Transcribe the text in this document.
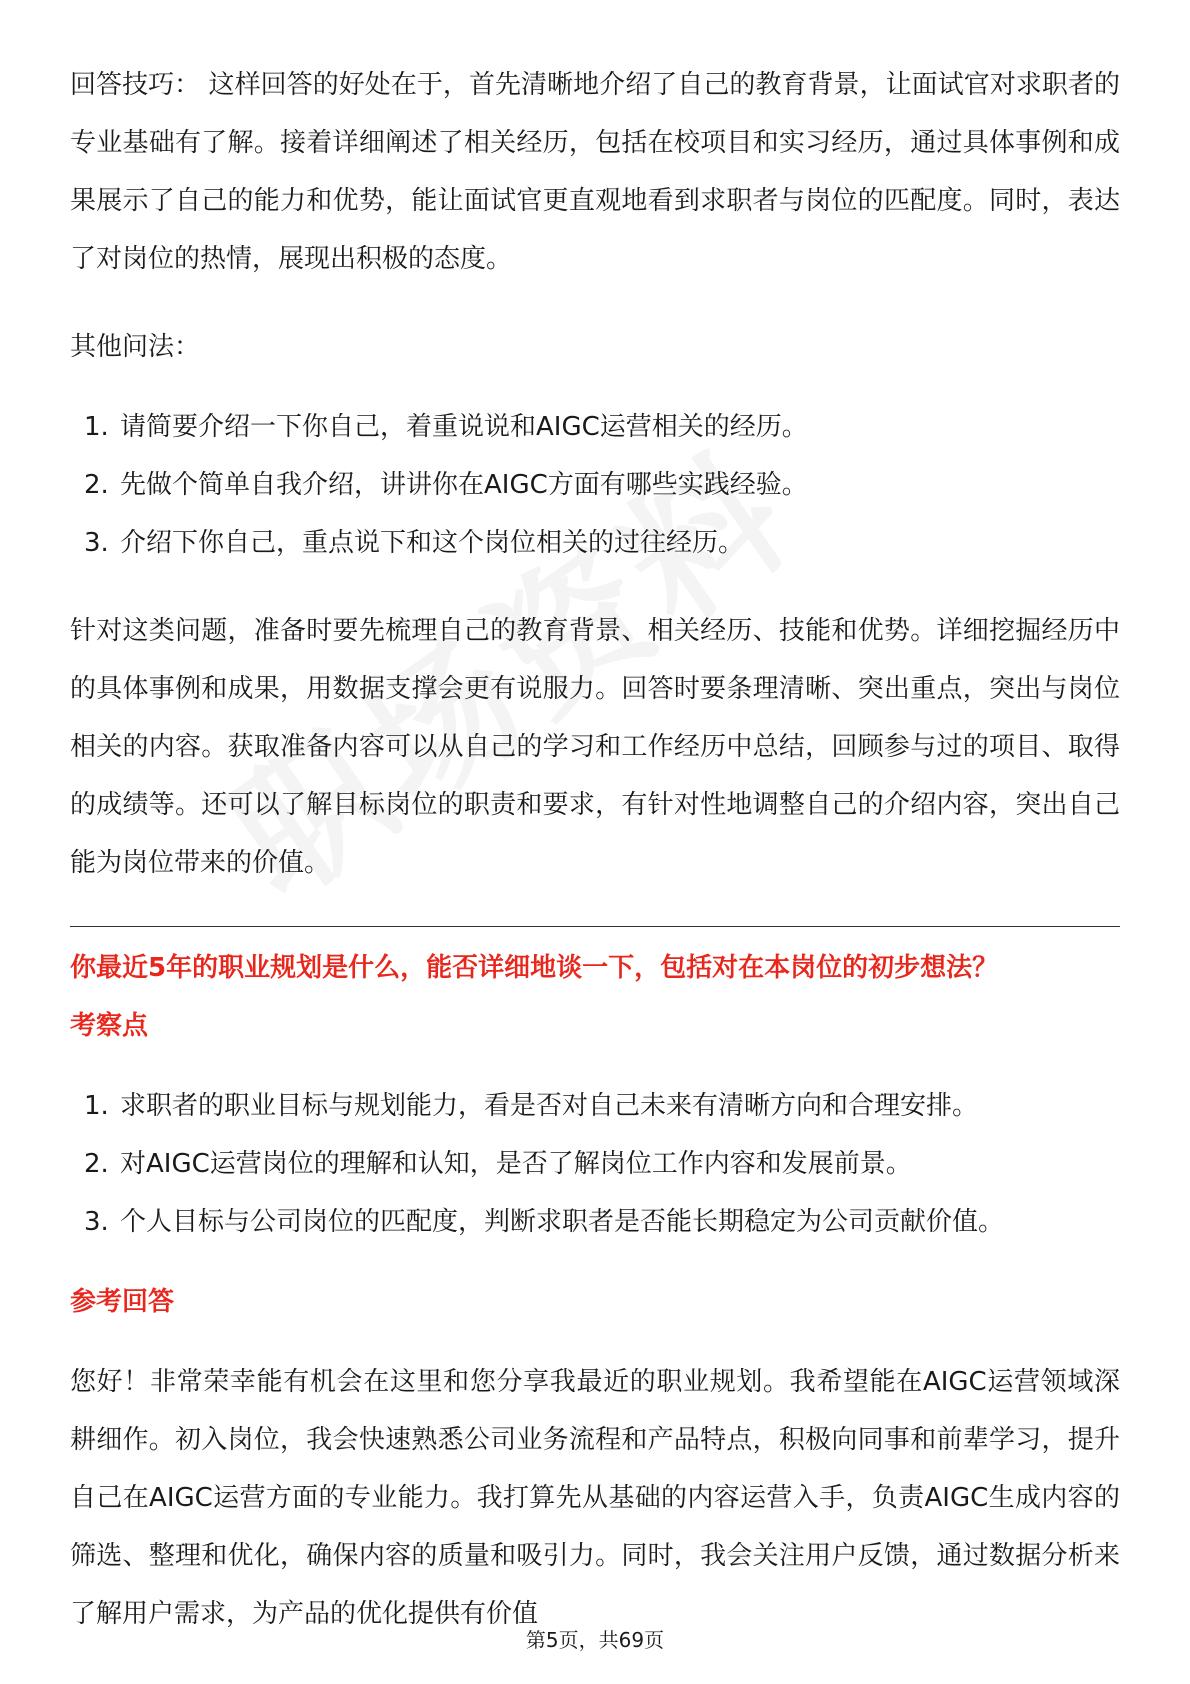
回答技巧： 这样回答的好处在于，首先清晰地介绍了自己的教育背景，让面试官对求职者的专业基础有了解。接着详细阐述了相关经历，包括在校项目和实习经历，通过具体事例和成果展示了自己的能力和优势，能让面试官更直观地看到求职者与岗位的匹配度。同时，表达了对岗位的热情，展现出积极的态度。

其他问法：

1. 请简要介绍一下你自己，着重说说和AIGC运营相关的经历。
2. 先做个简单自我介绍，讲讲你在AIGC方面有哪些实践经验。
3. 介绍下你自己，重点说下和这个岗位相关的过往经历。

针对这类问题，准备时要先梳理自己的教育背景、相关经历、技能和优势。详细挖掘经历中的具体事例和成果，用数据支撑会更有说服力。回答时要条理清晰、突出重点，突出与岗位相关的内容。获取准备内容可以从自己的学习和工作经历中总结，回顾参与过的项目、取得的成绩等。还可以了解目标岗位的职责和要求，有针对性地调整自己的介绍内容，突出自己能为岗位带来的价值。

你最近5年的职业规划是什么，能否详细地谈一下，包括对在本岗位的初步想法？

考察点

1. 求职者的职业目标与规划能力，看是否对自己未来有清晰方向和合理安排。
2. 对AIGC运营岗位的理解和认知，是否了解岗位工作内容和发展前景。
3. 个人目标与公司岗位的匹配度，判断求职者是否能长期稳定为公司贡献价值。

参考回答

您好！非常荣幸能有机会在这里和您分享我最近的职业规划。我希望能在AIGC运营领域深耕细作。初入岗位，我会快速熟悉公司业务流程和产品特点，积极向同事和前辈学习，提升自己在AIGC运营方面的专业能力。我打算先从基础的内容运营入手，负责AIGC生成内容的筛选、整理和优化，确保内容的质量和吸引力。同时，我会关注用户反馈，通过数据分析来了解用户需求，为产品的优化提供有价值

第5页，共69页
